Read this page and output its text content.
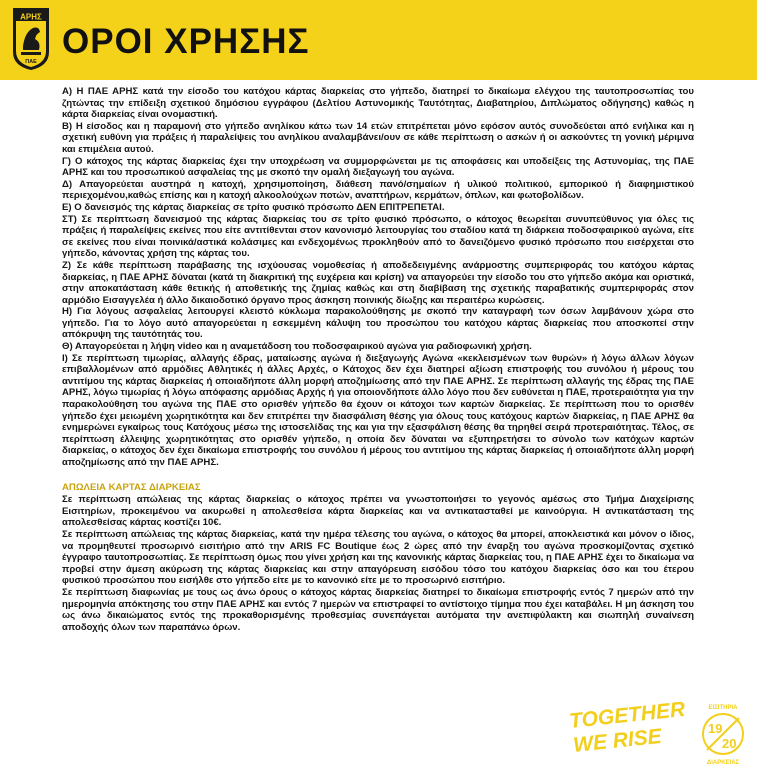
ΑΡΗΣ
ΠΑΕ
ΟΡΟΙ ΧΡΗΣΗΣ

Α) Η ΠΑΕ ΑΡΗΣ κατά την είσοδο του κατόχου κάρτας διαρκείας στο γήπεδο, διατηρεί το δικαίωμα ελέγχου της ταυτοπροσωπίας του ζητώντας την επίδειξη σχετικού δημόσιου εγγράφου (Δελτίου Αστυνομικής Ταυτότητας, Διαβατηρίου, Διπλώματος οδήγησης) καθώς η κάρτα διαρκείας είναι ονομαστική.

Β) Η είσοδος και η παραμονή στο γήπεδο ανηλίκου κάτω των 14 ετών επιτρέπεται μόνο εφόσον αυτός συνοδεύεται από ενήλικα και η σχετική ευθύνη για πράξεις ή παραλείψεις του ανηλίκου αναλαμβάνει/ουν σε κάθε περίπτωση ο ασκών ή οι ασκούντες τη γονική μέριμνα και επιμέλεια αυτού.

Γ) Ο κάτοχος της κάρτας διαρκείας έχει την υποχρέωση να συμμορφώνεται με τις αποφάσεις και υποδείξεις της Αστυνομίας, της ΠΑΕ ΑΡΗΣ και του προσωπικού ασφαλείας της με σκοπό την ομαλή διεξαγωγή του αγώνα.

Δ) Απαγορεύεται αυστηρά η κατοχή, χρησιμοποίηση, διάθεση πανό/σημαίων ή υλικού πολιτικού, εμπορικού ή διαφημιστικού περιεχομένου,καθώς επίσης και η κατοχή αλκοολούχων ποτών, αναπτήρων, κερμάτων, όπλων, και φωτοβολίδων.

Ε) Ο δανεισμός της κάρτας διαρκείας σε τρίτο φυσικό πρόσωπο ΔΕΝ ΕΠΙΤΡΕΠΕΤΑΙ.

ΣΤ) Σε περίπτωση δανεισμού της κάρτας διαρκείας του σε τρίτο φυσικό πρόσωπο, ο κάτοχος θεωρείται συνυπεύθυνος για όλες τις πράξεις ή παραλείψεις εκείνες που είτε αντιτίθενται στον κανονισμό λειτουργίας του σταδίου κατά τη διάρκεια ποδοσφαιρικού αγώνα, είτε σε εκείνες που είναι ποινικά/αστικά κολάσιμες και ενδεχομένως προκληθούν από το δανειζόμενο φυσικό πρόσωπο που εισέρχεται στο γήπεδο, κάνοντας χρήση της κάρτας του.

Ζ) Σε κάθε περίπτωση παράβασης της ισχύουσας νομοθεσίας ή αποδεδειγμένης ανάρμοστης συμπεριφοράς του κατόχου κάρτας διαρκείας, η ΠΑΕ ΑΡΗΣ δύναται (κατά τη διακριτική της ευχέρεια και κρίση) να απαγορεύει την είσοδο του στο γήπεδο ακόμα και οριστικά, στην αποκατάσταση κάθε θετικής ή αποθετικής της ζημίας καθώς και στη διαβίβαση της σχετικής παραβατικής συμπεριφοράς στον αρμόδιο Εισαγγελέα ή άλλο δικαιοδοτικό όργανο προς άσκηση ποινικής δίωξης και περαιτέρω κυρώσεις.

Η) Για λόγους ασφαλείας λειτουργεί κλειστό κύκλωμα παρακολούθησης με σκοπό την καταγραφή των όσων λαμβάνουν χώρα στο γήπεδο. Για το λόγο αυτό απαγορεύεται η εσκεμμένη κάλυψη του προσώπου του κατόχου κάρτας διαρκείας που αποσκοπεί στην απόκρυψη της ταυτότητάς του.

Θ) Απαγορεύεται η λήψη video και η αναμετάδοση του ποδοσφαιρικού αγώνα για ραδιοφωνική χρήση.

Ι) Σε περίπτωση τιμωρίας, αλλαγής έδρας, ματαίωσης αγώνα ή διεξαγωγής Αγώνα «κεκλεισμένων των θυρών» ή λόγω άλλων λόγων επιβαλλομένων από αρμόδιες Αθλητικές ή άλλες Αρχές, ο Κάτοχος δεν έχει διατηρεί αξίωση επιστροφής του συνόλου ή μέρους του αντιτίμου της κάρτας διαρκείας ή οποιαδήποτε άλλη μορφή αποζημίωσης από την ΠΑΕ ΑΡΗΣ. Σε περίπτωση αλλαγής της έδρας της ΠΑΕ ΑΡΗΣ, λόγω τιμωρίας ή λόγω απόφασης αρμόδιας Αρχής ή για οποιονδήποτε άλλο λόγο που δεν ευθύνεται η ΠΑΕ, προτεραιότητα για την παρακολούθηση του αγώνα της ΠΑΕ στο ορισθέν γήπεδο θα έχουν οι κάτοχοι των καρτών διαρκείας. Σε περίπτωση που το ορισθέν γήπεδο έχει μειωμένη χωρητικότητα και δεν επιτρέπει την διασφάλιση θέσης για όλους τους κατόχους καρτών διαρκείας, η ΠΑΕ ΑΡΗΣ θα ενημερώνει εγκαίρως τους Κατόχους μέσω της ιστοσελίδας της και για την εξασφάλιση θέσης θα τηρηθεί σειρά προτεραιότητας. Τέλος, σε περίπτωση έλλειψης χωρητικότητας στο ορισθέν γήπεδο, η οποία δεν δύναται να εξυπηρετήσει το σύνολο των κατόχων καρτών διαρκείας, ο κάτοχος δεν έχει δικαίωμα επιστροφής του συνόλου ή μέρους του αντιτίμου της κάρτας διαρκείας ή οποιαδήποτε άλλη μορφή αποζημίωσης από την ΠΑΕ ΑΡΗΣ.

ΑΠΩΛΕΙΑ ΚΑΡΤΑΣ ΔΙΑΡΚΕΙΑΣ

Σε περίπτωση απώλειας της κάρτας διαρκείας ο κάτοχος πρέπει να γνωστοποιήσει το γεγονός αμέσως στο Τμήμα Διαχείρισης Εισιτηρίων, προκειμένου να ακυρωθεί η απολεσθείσα κάρτα διαρκείας και να αντικατασταθεί με καινούργια. Η αντικατάσταση της απολεσθείσας κάρτας κοστίζει 10€.

Σε περίπτωση απώλειας της κάρτας διαρκείας, κατά την ημέρα τέλεσης του αγώνα, ο κάτοχος θα μπορεί, αποκλειστικά και μόνον ο ίδιος, να προμηθευτεί προσωρινό εισιτήριο από την ARIS FC Boutique έως 2 ώρες από την έναρξη του αγώνα προσκομίζοντας σχετικό έγγραφο ταυτοπροσωπίας. Σε περίπτωση όμως που γίνει χρήση και της κανονικής κάρτας διαρκείας του, η ΠΑΕ ΑΡΗΣ έχει το δικαίωμα να προβεί στην άμεση ακύρωση της κάρτας διαρκείας και στην απαγόρευση εισόδου τόσο του κατόχου διαρκείας όσο και του έτερου φυσικού προσώπου που εισήλθε στο γήπεδο είτε με το κανονικό είτε με το προσωρινό εισιτήριο.

Σε περίπτωση διαφωνίας με τους ως άνω όρους ο κάτοχος κάρτας διαρκείας διατηρεί το δικαίωμα επιστροφής εντός 7 ημερών από την ημερομηνία απόκτησης του στην ΠΑΕ ΑΡΗΣ και εντός 7 ημερών να επιστραφεί το αντίστοιχο τίμημα που έχει καταβάλει. Η μη άσκηση του ως άνω δικαιώματος εντός της προκαθορισμένης προθεσμίας συνεπάγεται αυτόματα την ανεπιφύλακτη και σιωπηλή συναίνεση αποδοχής όλων των παραπάνω όρων.

TOGETHER
WE RISE	19
20
ΕΙΣΙΤΗΡΙΑ
ΔΙΑΡΚΕΙΑΣ
